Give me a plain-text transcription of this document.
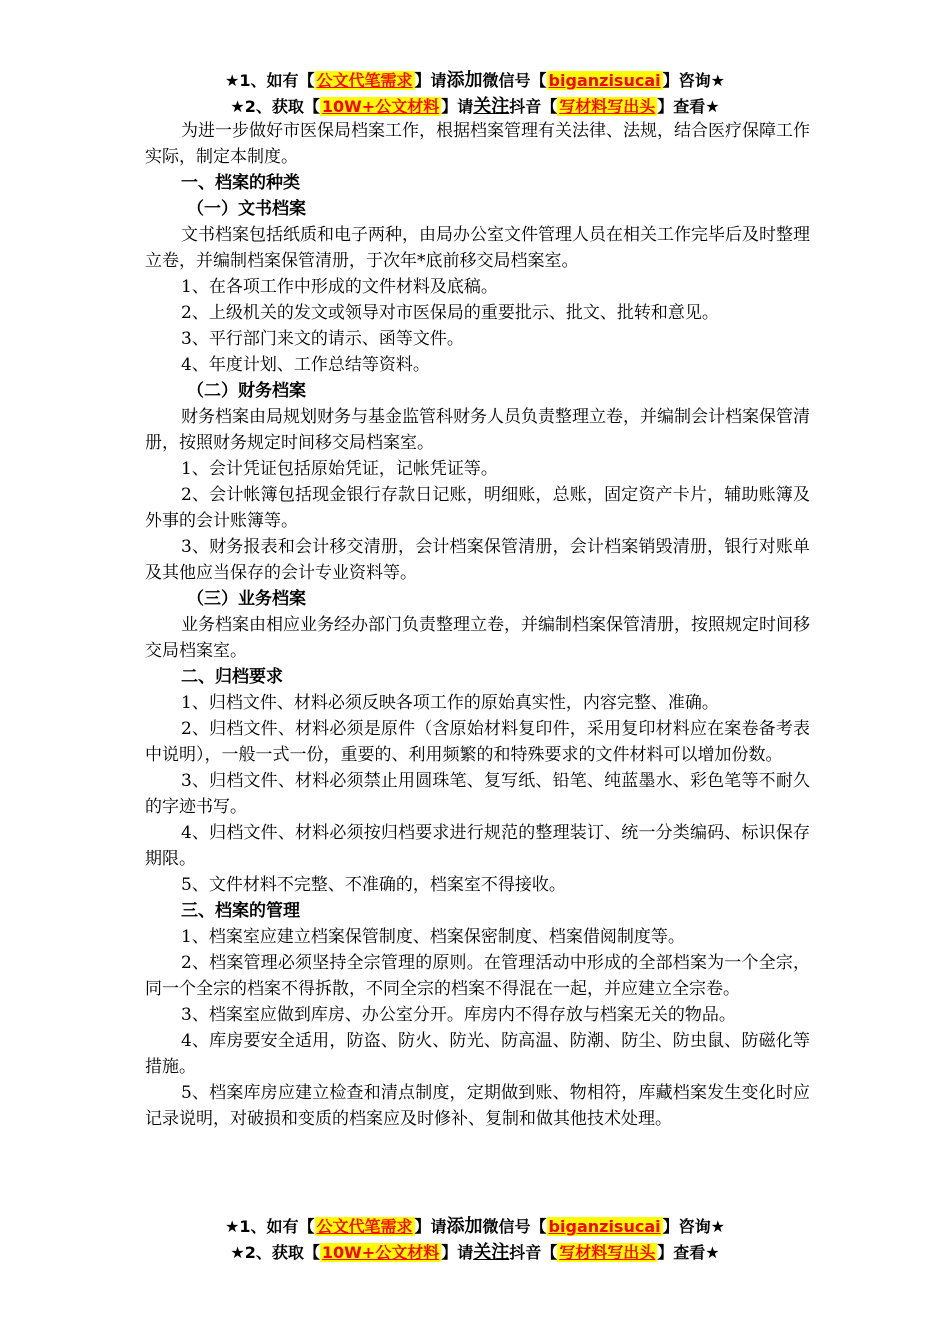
★1、如有【 公文代笔需求 】请添加微信号【 biganzisucai 】咨询★
★2、获取【 10W+公文材料 】请关注抖音【 写材料写出头 】查看★

为进一步做好市医保局档案工作，根据档案管理有关法律、法规，结合医疗保障工作实际，制定本制度。

一、档案的种类

（一）文书档案

文书档案包括纸质和电子两种，由局办公室文件管理人员在相关工作完毕后及时整理立卷，并编制档案保管清册，于次年*底前移交局档案室。

1、在各项工作中形成的文件材料及底稿。

2、上级机关的发文或领导对市医保局的重要批示、批文、批转和意见。

3、平行部门来文的请示、函等文件。

4、年度计划、工作总结等资料。

（二）财务档案

财务档案由局规划财务与基金监管科财务人员负责整理立卷，并编制会计档案保管清册，按照财务规定时间移交局档案室。

1、会计凭证包括原始凭证，记帐凭证等。

2、会计帐簿包括现金银行存款日记账，明细账，总账，固定资产卡片，辅助账簿及外事的会计账簿等。

3、财务报表和会计移交清册，会计档案保管清册，会计档案销毁清册，银行对账单及其他应当保存的会计专业资料等。

（三）业务档案

业务档案由相应业务经办部门负责整理立卷，并编制档案保管清册，按照规定时间移交局档案室。

二、归档要求

1、归档文件、材料必须反映各项工作的原始真实性，内容完整、准确。

2、归档文件、材料必须是原件（含原始材料复印件，采用复印材料应在案卷备考表中说明），一般一式一份，重要的、利用频繁的和特殊要求的文件材料可以增加份数。

3、归档文件、材料必须禁止用圆珠笔、复写纸、铅笔、纯蓝墨水、彩色笔等不耐久的字迹书写。

4、归档文件、材料必须按归档要求进行规范的整理装订、统一分类编码、标识保存期限。

5、文件材料不完整、不准确的，档案室不得接收。

三、档案的管理

1、档案室应建立档案保管制度、档案保密制度、档案借阅制度等。

2、档案管理必须坚持全宗管理的原则。在管理活动中形成的全部档案为一个全宗，同一个全宗的档案不得拆散，不同全宗的档案不得混在一起，并应建立全宗卷。

3、档案室应做到库房、办公室分开。库房内不得存放与档案无关的物品。

4、库房要安全适用，防盗、防火、防光、防高温、防潮、防尘、防虫鼠、防磁化等措施。

5、档案库房应建立检查和清点制度，定期做到账、物相符，库藏档案发生变化时应记录说明，对破损和变质的档案应及时修补、复制和做其他技术处理。

★1、如有【 公文代笔需求 】请添加微信号【 biganzisucai 】咨询★
★2、获取【 10W+公文材料 】请关注抖音【 写材料写出头 】查看★
